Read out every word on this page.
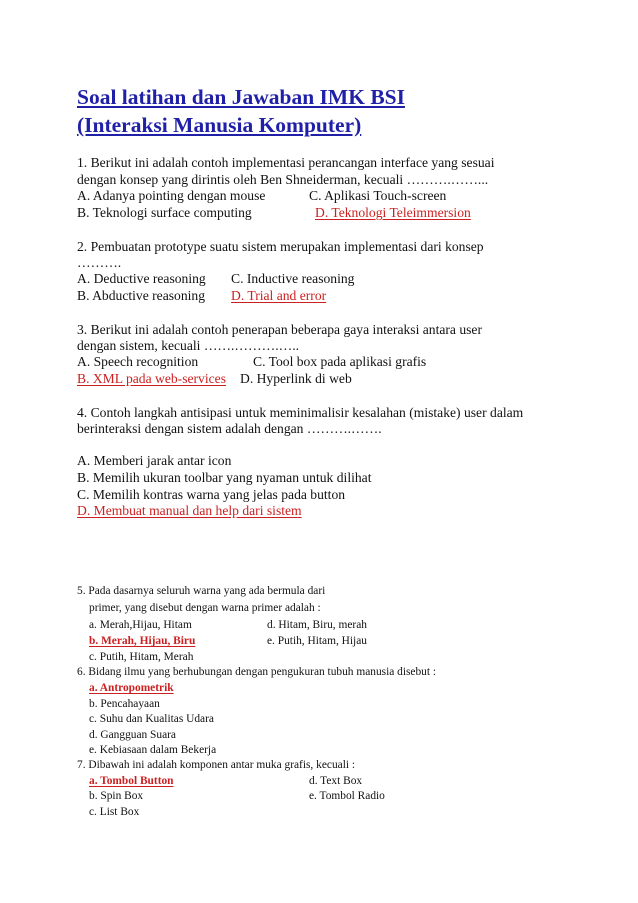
Soal latihan dan Jawaban IMK BSI
(Interaksi Manusia Komputer)
1. Berikut ini adalah contoh implementasi perancangan interface yang sesuai
dengan konsep yang dirintis oleh Ben Shneiderman, kecuali ……….……...
A. Adanya pointing dengan mouse	C. Aplikasi Touch-screen
B. Teknologi surface computing	D. Teknologi Teleimmersion
2. Pembuatan prototype suatu sistem merupakan implementasi dari konsep
……….
A. Deductive reasoning C. Inductive reasoning
B. Abductive reasoning D. Trial and error
3. Berikut ini adalah contoh penerapan beberapa gaya interaksi antara user
dengan sistem, kecuali …….……….…..
A. Speech recognition	C. Tool box pada aplikasi grafis
B. XML pada web-services D. Hyperlink di web
4. Contoh langkah antisipasi untuk meminimalisir kesalahan (mistake) user dalam
berinteraksi dengan sistem adalah dengan ……….…….
A. Memberi jarak antar icon
B. Memilih ukuran toolbar yang nyaman untuk dilihat
C. Memilih kontras warna yang jelas pada button
D. Membuat manual dan help dari sistem
5. Pada dasarnya seluruh warna yang ada bermula dari
primer, yang disebut dengan warna primer adalah :
a. Merah,Hijau, Hitam	d. Hitam, Biru, merah
b. Merah, Hijau, Biru	e. Putih, Hitam, Hijau
c. Putih, Hitam, Merah
6. Bidang ilmu yang berhubungan dengan pengukuran tubuh manusia disebut :
a. Antropometrik
b. Pencahayaan
c. Suhu dan Kualitas Udara
d. Gangguan Suara
e. Kebiasaan dalam Bekerja
7. Dibawah ini adalah komponen antar muka grafis, kecuali :
a. Tombol Button	d. Text Box
b. Spin Box	e. Tombol Radio
c. List Box
